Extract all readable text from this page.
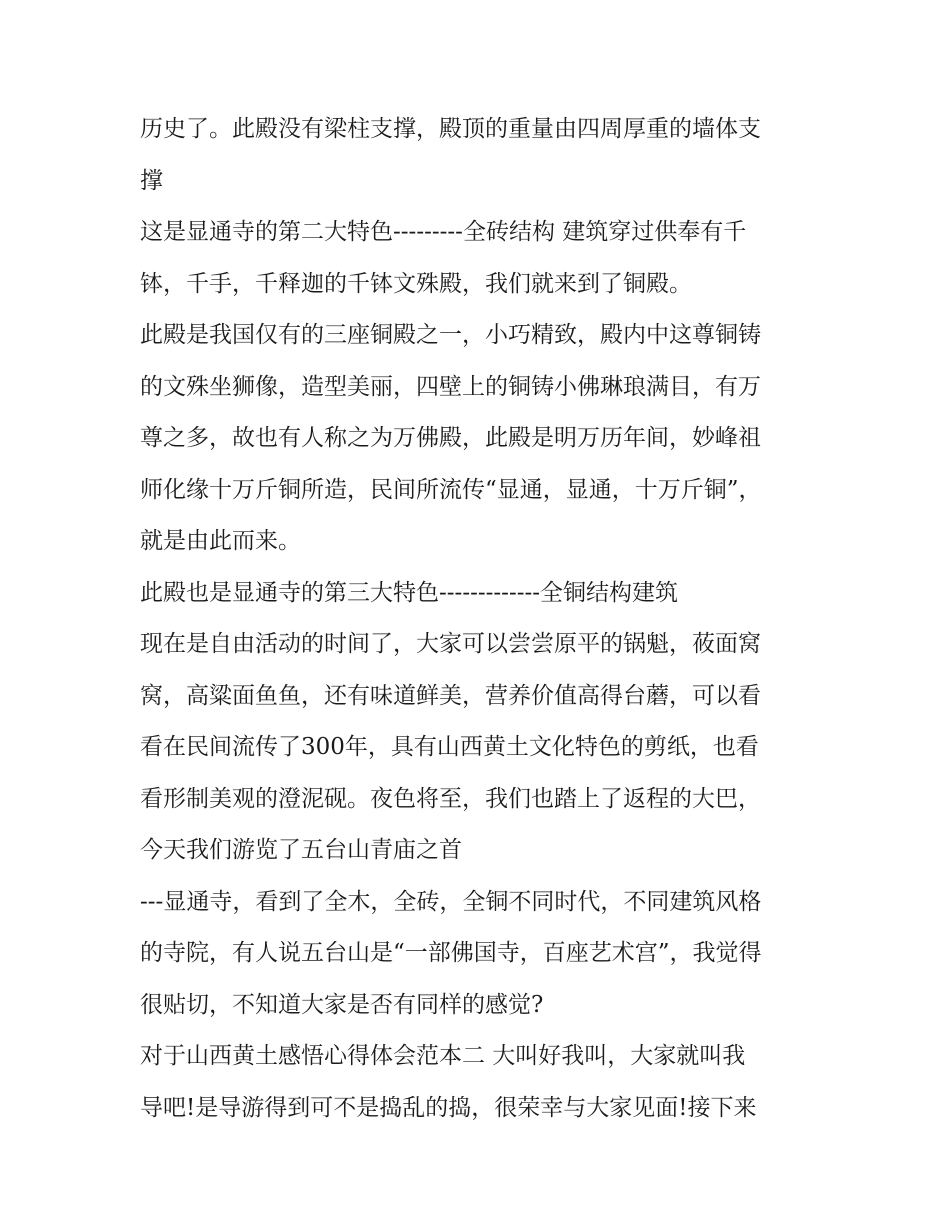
历史了。此殿没有梁柱支撑，殿顶的重量由四周厚重的墙体支
撑
这是显通寺的第二大特色---------全砖结构 建筑穿过供奉有千
钵，千手，千释迦的千钵文殊殿，我们就来到了铜殿。
此殿是我国仅有的三座铜殿之一，小巧精致，殿内中这尊铜铸
的文殊坐狮像，造型美丽，四壁上的铜铸小佛琳琅满目，有万
尊之多，故也有人称之为万佛殿，此殿是明万历年间，妙峰祖
师化缘十万斤铜所造，民间所流传“显通，显通，十万斤铜”，
就是由此而来。
此殿也是显通寺的第三大特色-------------全铜结构建筑
现在是自由活动的时间了，大家可以尝尝原平的锅魁，莜面窝
窝，高粱面鱼鱼，还有味道鲜美，营养价值高得台蘑，可以看
看在民间流传了300年，具有山西黄土文化特色的剪纸，也看
看形制美观的澄泥砚。夜色将至，我们也踏上了返程的大巴，
今天我们游览了五台山青庙之首
---显通寺，看到了全木，全砖，全铜不同时代，不同建筑风格
的寺院，有人说五台山是“一部佛国寺，百座艺术宫”，我觉得
很贴切，不知道大家是否有同样的感觉?
对于山西黄土感悟心得体会范本二 大叫好我叫，大家就叫我
导吧!是导游得到可不是捣乱的捣，很荣幸与大家见面!接下来
